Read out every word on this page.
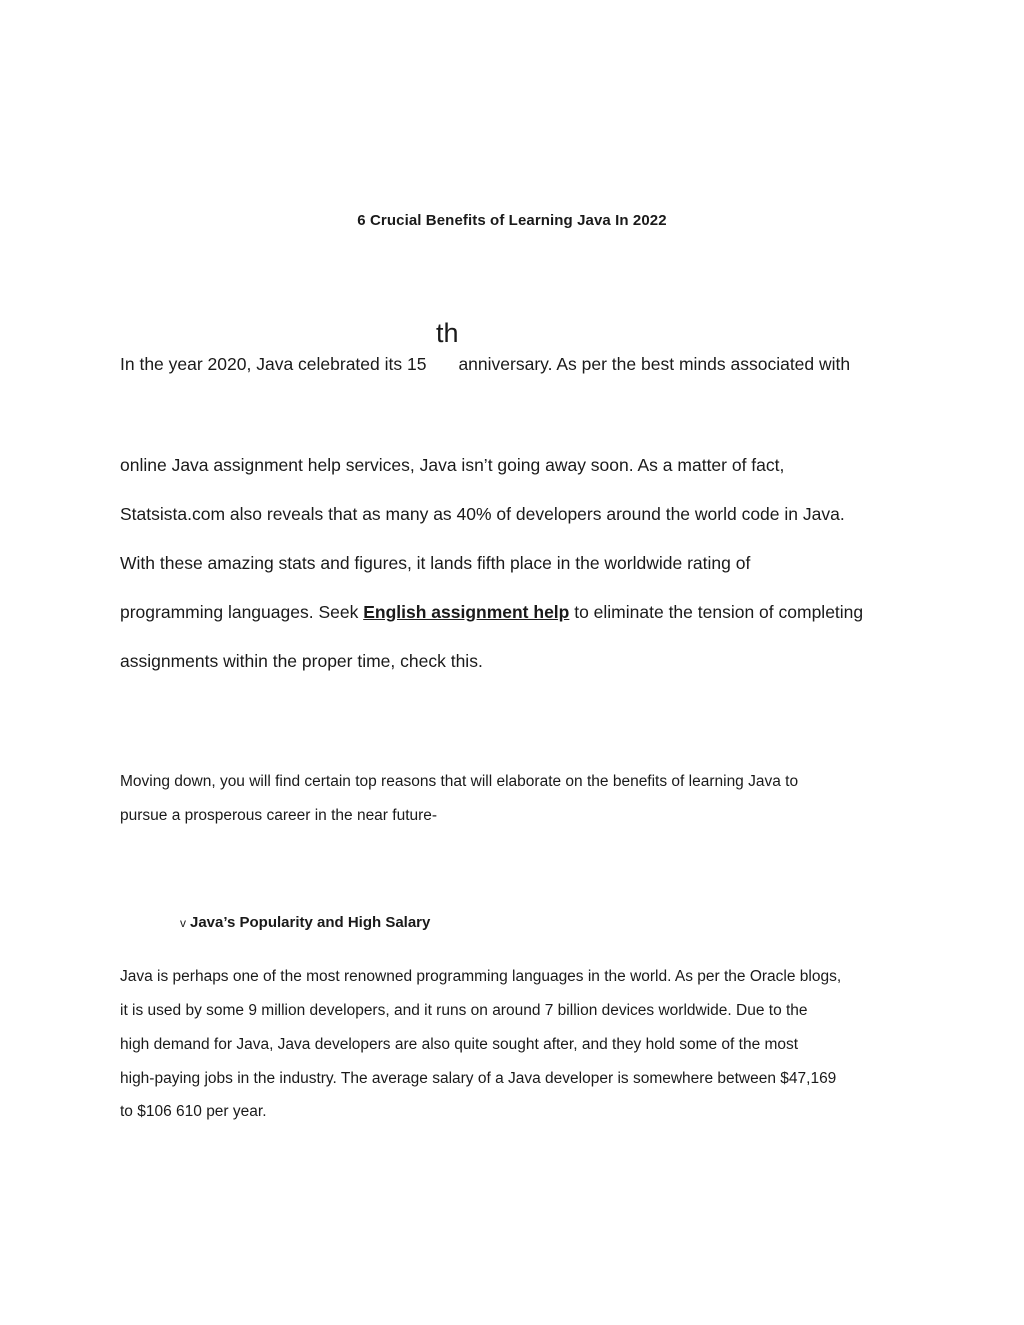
6 Crucial Benefits of Learning Java In 2022
th
In the year 2020, Java celebrated its 15 anniversary. As per the best minds associated with
online Java assignment help services, Java isn’t going away soon. As a matter of fact,
Statsista.com also reveals that as many as 40% of developers around the world code in Java.
With these amazing stats and figures, it lands fifth place in the worldwide rating of
programming languages. Seek English assignment help to eliminate the tension of completing
assignments within the proper time, check this.
Moving down, you will find certain top reasons that will elaborate on the benefits of learning Java to
pursue a prosperous career in the near future-
v Java’s Popularity and High Salary
Java is perhaps one of the most renowned programming languages in the world. As per the Oracle blogs,
it is used by some 9 million developers, and it runs on around 7 billion devices worldwide. Due to the
high demand for Java, Java developers are also quite sought after, and they hold some of the most
high-paying jobs in the industry. The average salary of a Java developer is somewhere between $47,169
to $106 610 per year.
